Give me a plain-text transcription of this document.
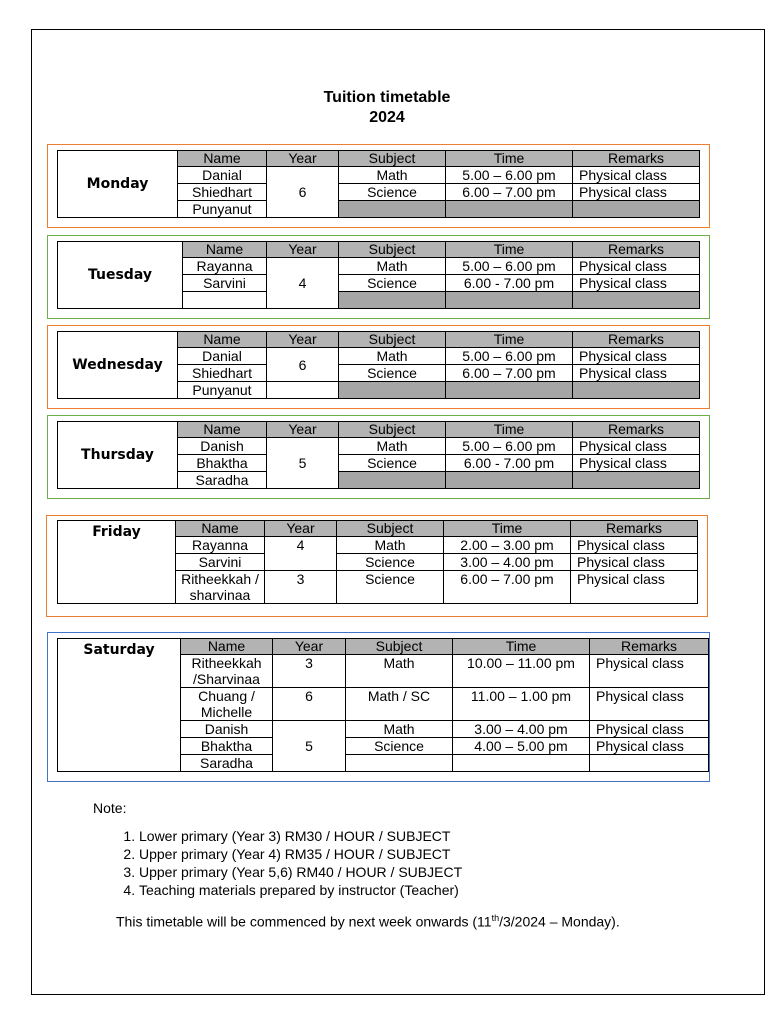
Tuition timetable
2024
Monday	Name	Year	Subject	Time	Remarks
	Danial	6	Math	5.00 – 6.00 pm	Physical class
	Shiedhart		Science	6.00 – 7.00 pm	Physical class
	Punyanut				
Tuesday	Name	Year	Subject	Time	Remarks
	Rayanna	4	Math	5.00 – 6.00 pm	Physical class
	Sarvini		Science	6.00 - 7.00 pm	Physical class

Wednesday	Name	Year	Subject	Time	Remarks
	Danial	6	Math	5.00 – 6.00 pm	Physical class
	Shiedhart		Science	6.00 – 7.00 pm	Physical class
	Punyanut				
Thursday	Name	Year	Subject	Time	Remarks
	Danish	5	Math	5.00 – 6.00 pm	Physical class
	Bhaktha		Science	6.00 - 7.00 pm	Physical class
	Saradha				
Friday	Name	Year	Subject	Time	Remarks
	Rayanna	4	Math	2.00 – 3.00 pm	Physical class
	Sarvini		Science	3.00 – 4.00 pm	Physical class
	Ritheekkah / sharvinaa	3	Science	6.00 – 7.00 pm	Physical class
Saturday	Name	Year	Subject	Time	Remarks
	Ritheekkah /Sharvinaa	3	Math	10.00 – 11.00 pm	Physical class
	Chuang / Michelle	6	Math / SC	11.00 – 1.00 pm	Physical class
	Danish	5	Math	3.00 – 4.00 pm	Physical class
	Bhaktha		Science	4.00 – 5.00 pm	Physical class
	Saradha				
Note:
1. Lower primary (Year 3) RM30 / HOUR / SUBJECT
2. Upper primary (Year 4) RM35 / HOUR / SUBJECT
3. Upper primary (Year 5,6) RM40 / HOUR / SUBJECT
4. Teaching materials prepared by instructor (Teacher)
This timetable will be commenced by next week onwards (11th/3/2024 – Monday).
